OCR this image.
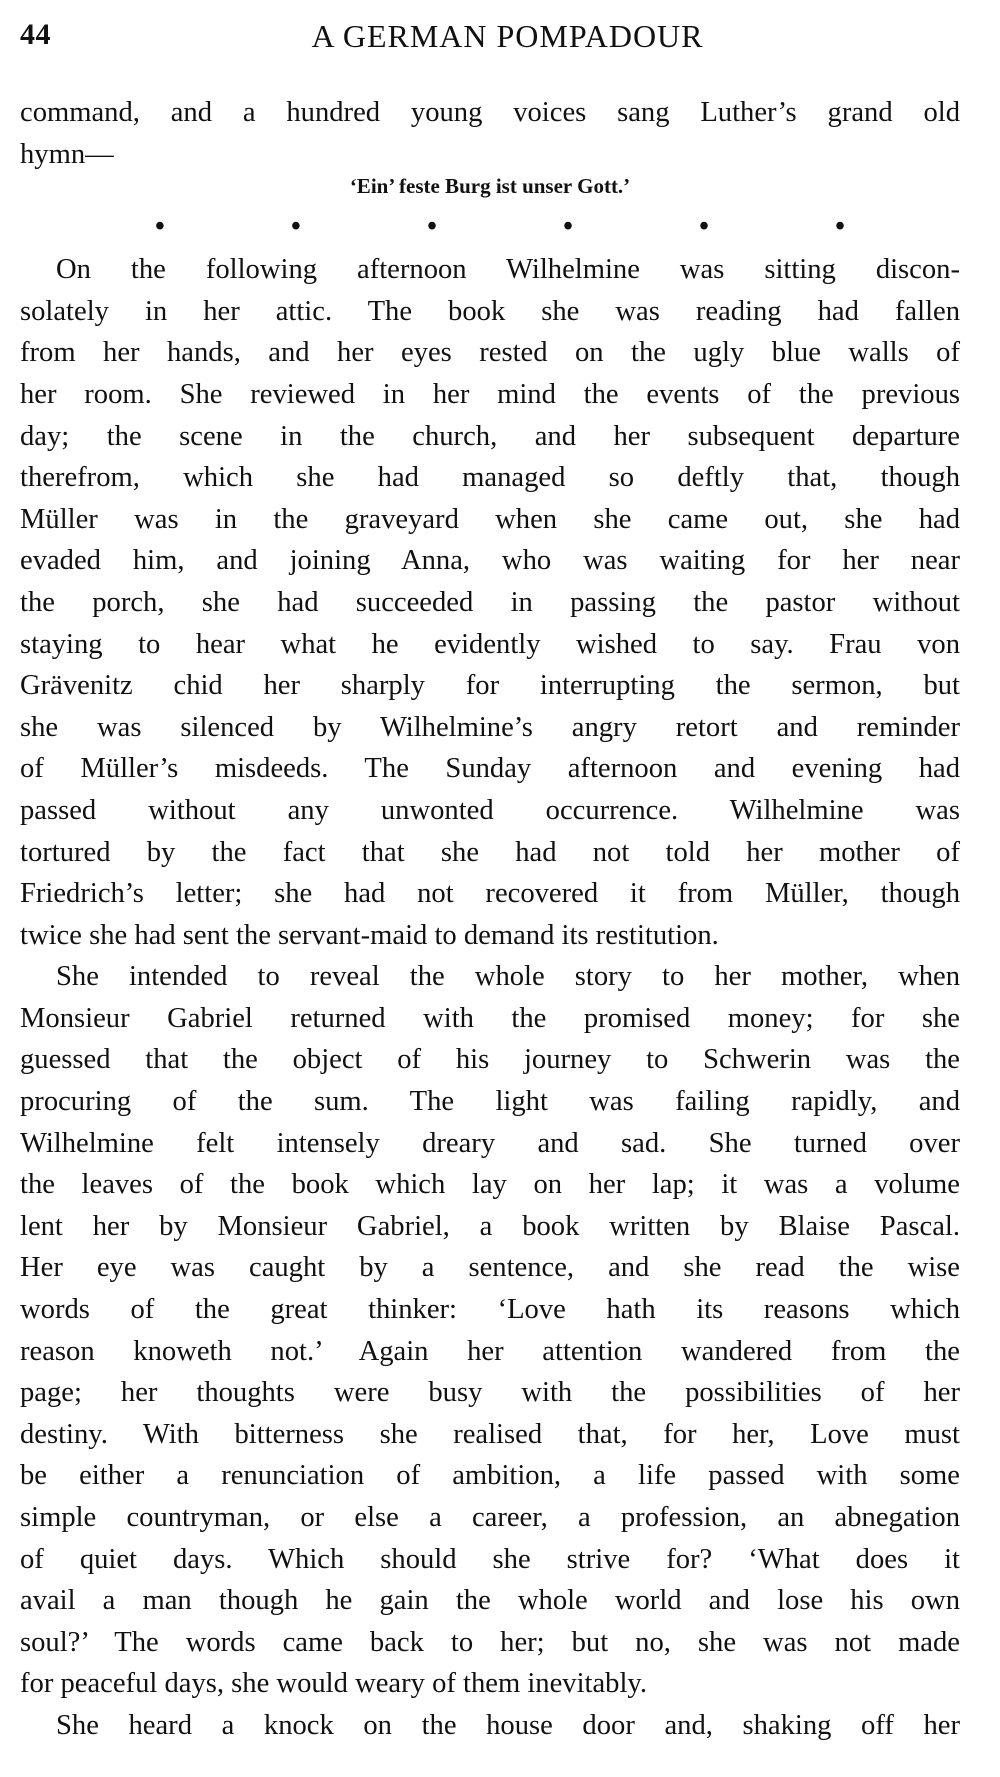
44	A GERMAN POMPADOUR
command, and a hundred young voices sang Luther’s grand old
hymn—
‘Ein’ feste Burg ist unser Gott.’
•	•	•	•	•	•
On the following afternoon Wilhelmine was sitting discon-
solately in her attic. The book she was reading had fallen
from her hands, and her eyes rested on the ugly blue walls of
her room. She reviewed in her mind the events of the previous
day; the scene in the church, and her subsequent departure
therefrom, which she had managed so deftly that, though
Müller was in the graveyard when she came out, she had
evaded him, and joining Anna, who was waiting for her near
the porch, she had succeeded in passing the pastor without
staying to hear what he evidently wished to say. Frau von
Grävenitz chid her sharply for interrupting the sermon, but
she was silenced by Wilhelmine’s angry retort and reminder
of Müller’s misdeeds. The Sunday afternoon and evening had
passed without any unwonted occurrence. Wilhelmine was
tortured by the fact that she had not told her mother of
Friedrich’s letter; she had not recovered it from Müller, though
twice she had sent the servant-maid to demand its restitution.
She intended to reveal the whole story to her mother, when
Monsieur Gabriel returned with the promised money; for she
guessed that the object of his journey to Schwerin was the
procuring of the sum. The light was failing rapidly, and
Wilhelmine felt intensely dreary and sad. She turned over
the leaves of the book which lay on her lap; it was a volume
lent her by Monsieur Gabriel, a book written by Blaise Pascal.
Her eye was caught by a sentence, and she read the wise
words of the great thinker: ‘Love hath its reasons which
reason knoweth not.’ Again her attention wandered from the
page; her thoughts were busy with the possibilities of her
destiny. With bitterness she realised that, for her, Love must
be either a renunciation of ambition, a life passed with some
simple countryman, or else a career, a profession, an abnegation
of quiet days. Which should she strive for? ‘What does it
avail a man though he gain the whole world and lose his own
soul?’ The words came back to her; but no, she was not made
for peaceful days, she would weary of them inevitably.
She heard a knock on the house door and, shaking off her
